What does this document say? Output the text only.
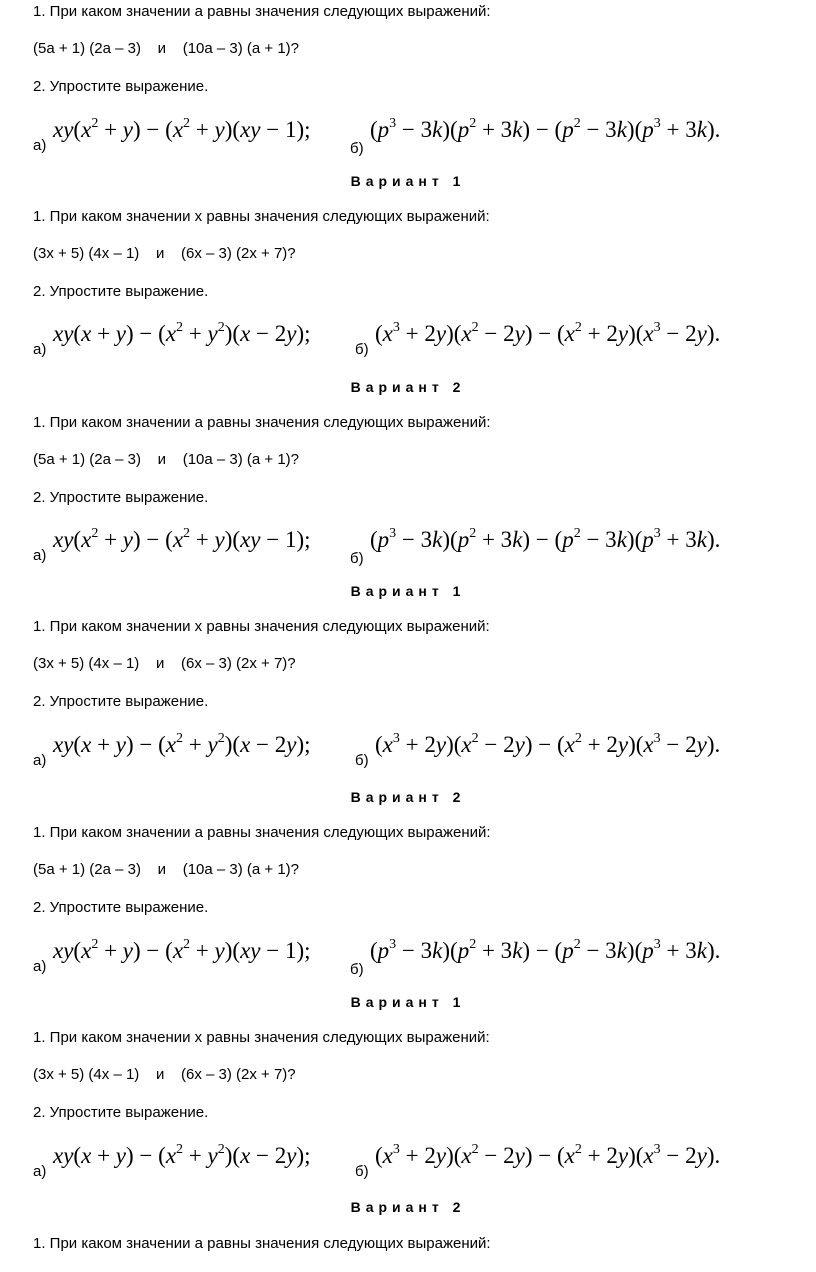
1. При каком значении a равны значения следующих выражений:
(5a + 1) (2a – 3)    и    (10a – 3) (a + 1)?
2. Упростите выражение.
а)
$xy(x^2 + y) - (x^2 + y)(xy - 1)$;
б)
$(p^3 - 3k)(p^2 + 3k) - (p^2 - 3k)(p^3 + 3k)$.
Вариант 1
1. При каком значении x равны значения следующих выражений:
(3x + 5) (4x – 1)    и    (6x – 3) (2x + 7)?
2. Упростите выражение.
а)
$xy(x + y) - (x^2 + y^2)(x - 2y)$;
б)
$(x^3 + 2y)(x^2 - 2y) - (x^2 + 2y)(x^3 - 2y)$.
Вариант 2
1. При каком значении a равны значения следующих выражений:
(5a + 1) (2a – 3)    и    (10a – 3) (a + 1)?
2. Упростите выражение.
а)
$xy(x^2 + y) - (x^2 + y)(xy - 1)$;
б)
$(p^3 - 3k)(p^2 + 3k) - (p^2 - 3k)(p^3 + 3k)$.
Вариант 1
1. При каком значении x равны значения следующих выражений:
(3x + 5) (4x – 1)    и    (6x – 3) (2x + 7)?
2. Упростите выражение.
а)
$xy(x + y) - (x^2 + y^2)(x - 2y)$;
б)
$(x^3 + 2y)(x^2 - 2y) - (x^2 + 2y)(x^3 - 2y)$.
Вариант 2
1. При каком значении a равны значения следующих выражений:
(5a + 1) (2a – 3)    и    (10a – 3) (a + 1)?
2. Упростите выражение.
а)
$xy(x^2 + y) - (x^2 + y)(xy - 1)$;
б)
$(p^3 - 3k)(p^2 + 3k) - (p^2 - 3k)(p^3 + 3k)$.
Вариант 1
1. При каком значении x равны значения следующих выражений:
(3x + 5) (4x – 1)    и    (6x – 3) (2x + 7)?
2. Упростите выражение.
а)
$xy(x + y) - (x^2 + y^2)(x - 2y)$;
б)
$(x^3 + 2y)(x^2 - 2y) - (x^2 + 2y)(x^3 - 2y)$.
Вариант 2
1. При каком значении a равны значения следующих выражений:
